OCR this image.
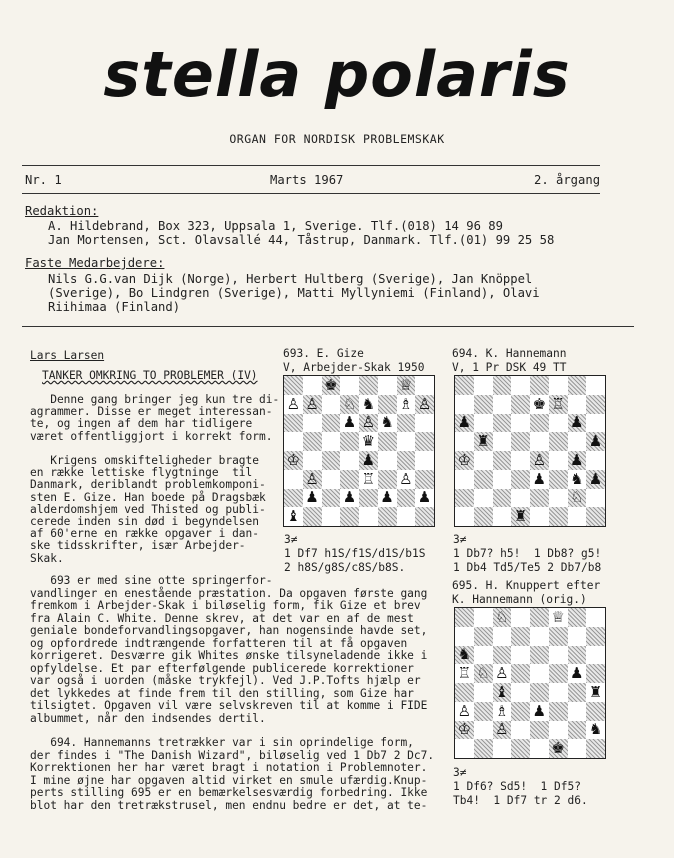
stella polaris
ORGAN FOR NORDISK PROBLEMSKAK
Nr. 1	Marts 1967	2. årgang
Redaktion:
A. Hildebrand, Box 323, Uppsala 1, Sverige. Tlf.(018) 14 96 89
Jan Mortensen, Sct. Olavsallé 44, Tåstrup, Danmark. Tlf.(01) 99 25 58
Faste Medarbejdere:
Nils G.G.van Dijk (Norge), Herbert Hultberg (Sverige), Jan Knöppel
(Sverige), Bo Lindgren (Sverige), Matti Myllyniemi (Finland), Olavi
Riihimaa (Finland)
Lars Larsen
TANKER OMKRING TO PROBLEMER (IV)
Denne gang bringer jeg kun tre di-
agrammer. Disse er meget interessan-
te, og ingen af dem har tidligere
været offentliggjort i korrekt form.
Krigens omskifteligheder bragte
en række lettiske flygtninge  til
Danmark, deriblandt problemkomponi-
sten E. Gize. Han boede på Dragsbæk
alderdomshjem ved Thisted og publi-
cerede inden sin død i begyndelsen
af 60'erne en række opgaver i dan-
ske tidsskrifter, især Arbejder-
Skak.
693 er med sine otte springerfor-
vandlinger en enestående præstation. Da opgaven første gang
fremkom i Arbejder-Skak i biløselig form, fik Gize et brev
fra Alain C. White. Denne skrev, at det var en af de mest
geniale bondeforvandlingsopgaver, han nogensinde havde set,
og opfordrede indtrængende forfatteren til at få opgaven
korrigeret. Desværre gik Whites ønske tilsyneladende ikke i
opfyldelse. Et par efterfølgende publicerede korrektioner
var også i uorden (måske trykfejl). Ved J.P.Tofts hjælp er
det lykkedes at finde frem til den stilling, som Gize har
tilsigtet. Opgaven vil være selvskreven til at komme i FIDE
albummet, når den indsendes dertil.
694. Hannemanns tretrækker var i sin oprindelige form,
der findes i "The Danish Wizard", biløselig ved 1 Db7 2 Dc7.
Korrektionen her har været bragt i notation i Problemnoter.
I mine øjne har opgaven altid virket en smule ufærdig.Knup-
perts stilling 695 er en bemærkelsesværdig forbedring. Ikke
blot har den tretrækstrusel, men endnu bedre er det, at te-
693. E. Gize
V, Arbejder-Skak 1950
♚	♕
♙ ♙ ♘ ♞ ♗ ♙
♟ ♙ ♞
♛
♔	♟
♙	♖ ♙
♟ ♟ ♟ ♟
♝
3≠
1 Df7 h1S/f1S/d1S/b1S
2 h8S/g8S/c8S/b8S.
694. K. Hannemann
V, 1 Pr DSK 49 TT
♚ ♖
♟	♟
♜	♟
♔	♙ ♟
♟ ♞ ♟
♘
♜
3≠
1 Db7? h5!  1 Db8? g5!
1 Db4 Td5/Te5 2 Db7/b8
695. H. Knuppert efter
K. Hannemann (orig.)
♘	♕
♞
♖ ♘ ♙	♟
♝	♜
♙ ♗ ♟
♔ ♙	♞
♚
3≠
1 Df6? Sd5!  1 Df5?
Tb4!  1 Df7 tr 2 d6.
